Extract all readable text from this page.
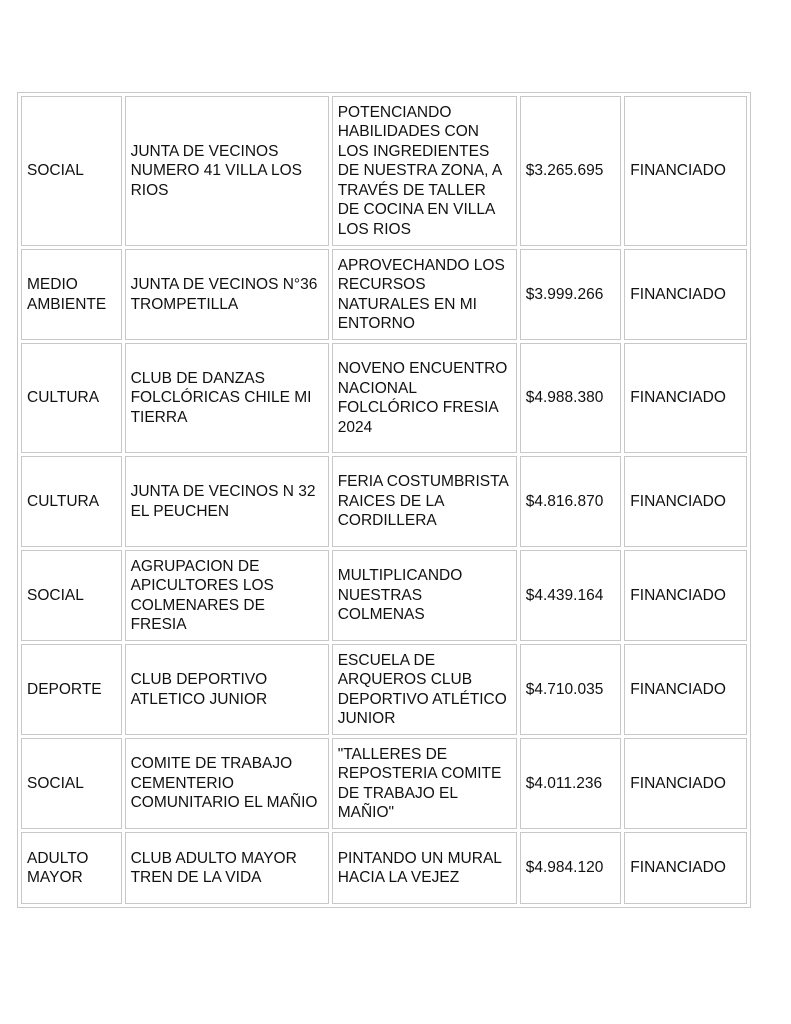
SOCIAL	JUNTA DE VECINOS NUMERO 41 VILLA LOS RIOS	POTENCIANDO HABILIDADES CON LOS INGREDIENTES DE NUESTRA ZONA, A TRAVÉS DE TALLER DE COCINA EN VILLA LOS RIOS	$3.265.695	FINANCIADO
MEDIO AMBIENTE	JUNTA DE VECINOS N°36 TROMPETILLA	APROVECHANDO LOS RECURSOS NATURALES EN MI ENTORNO	$3.999.266	FINANCIADO
CULTURA	CLUB DE DANZAS FOLCLÓRICAS CHILE MI TIERRA	NOVENO ENCUENTRO NACIONAL FOLCLÓRICO FRESIA 2024	$4.988.380	FINANCIADO
CULTURA	JUNTA DE VECINOS N 32 EL PEUCHEN	FERIA COSTUMBRISTA RAICES DE LA CORDILLERA	$4.816.870	FINANCIADO
SOCIAL	AGRUPACION DE APICULTORES LOS COLMENARES DE FRESIA	MULTIPLICANDO NUESTRAS COLMENAS	$4.439.164	FINANCIADO
DEPORTE	CLUB DEPORTIVO ATLETICO JUNIOR	ESCUELA DE ARQUEROS CLUB DEPORTIVO ATLÉTICO JUNIOR	$4.710.035	FINANCIADO
SOCIAL	COMITE DE TRABAJO CEMENTERIO COMUNITARIO EL MAÑIO	"TALLERES DE REPOSTERIA COMITE DE TRABAJO EL MAÑIO"	$4.011.236	FINANCIADO
ADULTO MAYOR	CLUB ADULTO MAYOR TREN DE LA VIDA	PINTANDO UN MURAL HACIA LA VEJEZ	$4.984.120	FINANCIADO
